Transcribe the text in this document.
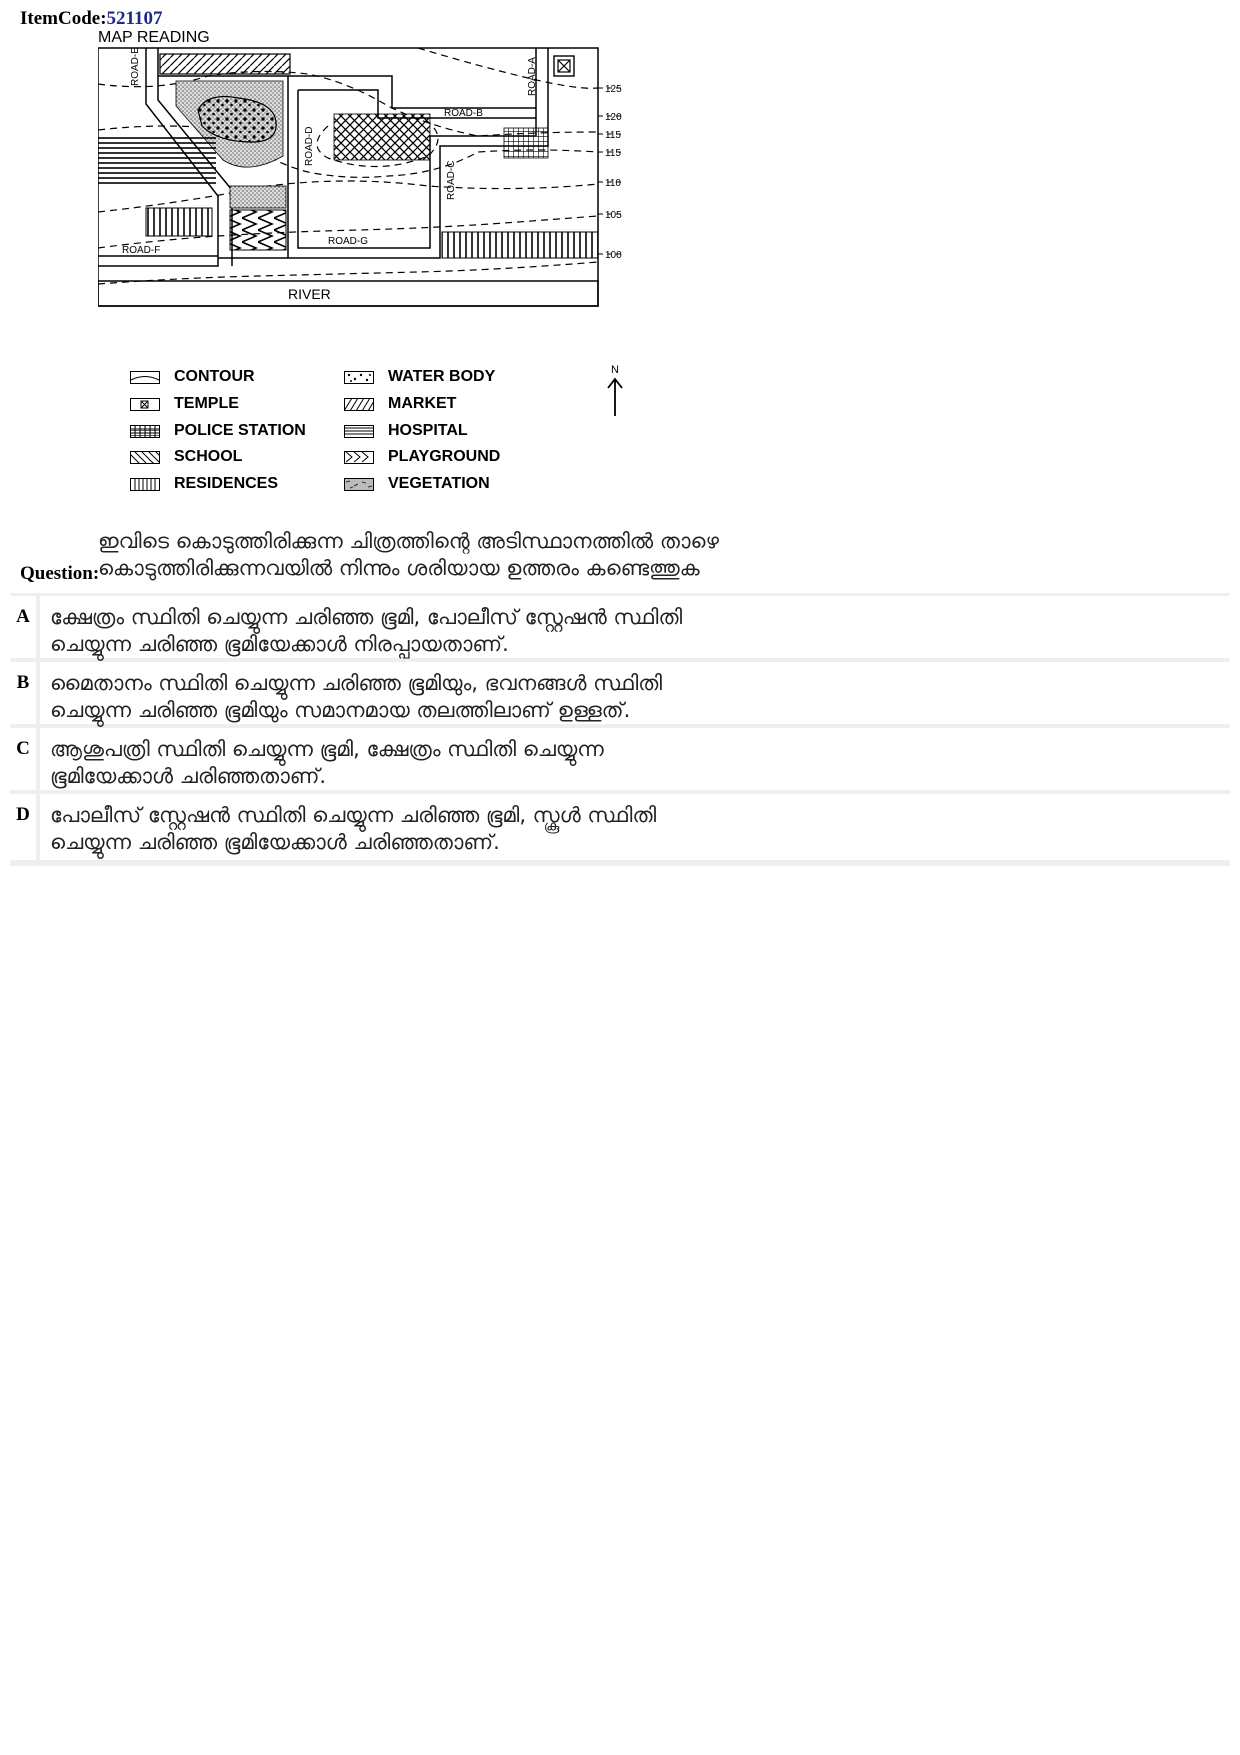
ItemCode:521107
MAP READING
RIVER
ROAD-E	ROAD-A
ROAD-B
ROAD-D
ROAD-C
ROAD-G
ROAD-F
125
120
115
115
110
105
100
CONTOUR
TEMPLE
POLICE STATION
SCHOOL
RESIDENCES
WATER BODY
MARKET
HOSPITAL
PLAYGROUND
VEGETATION
N
ഇവിടെ കൊടുത്തിരിക്കുന്ന ചിത്രത്തിന്റെ അടിസ്ഥാനത്തിൽ താഴെ
കൊടുത്തിരിക്കുന്നവയിൽ നിന്നും ശരിയായ ഉത്തരം കണ്ടെത്തുക
Question:
A ക്ഷേത്രം സ്ഥിതി ചെയ്യുന്ന ചരിഞ്ഞ ഭൂമി, പോലീസ് സ്റ്റേഷൻ സ്ഥിതി
ചെയ്യുന്ന ചരിഞ്ഞ ഭൂമിയേക്കാൾ നിരപ്പായതാണ്.
B മൈതാനം സ്ഥിതി ചെയ്യുന്ന ചരിഞ്ഞ ഭൂമിയും, ഭവനങ്ങൾ സ്ഥിതി
ചെയ്യുന്ന ചരിഞ്ഞ ഭൂമിയും സമാനമായ തലത്തിലാണ് ഉള്ളത്.
C ആശുപത്രി സ്ഥിതി ചെയ്യുന്ന ഭൂമി, ക്ഷേത്രം സ്ഥിതി ചെയ്യുന്ന
ഭൂമിയേക്കാൾ ചരിഞ്ഞതാണ്.
D പോലീസ് സ്റ്റേഷൻ സ്ഥിതി ചെയ്യുന്ന ചരിഞ്ഞ ഭൂമി, സ്കൂൾ സ്ഥിതി
ചെയ്യുന്ന ചരിഞ്ഞ ഭൂമിയേക്കാൾ ചരിഞ്ഞതാണ്.
